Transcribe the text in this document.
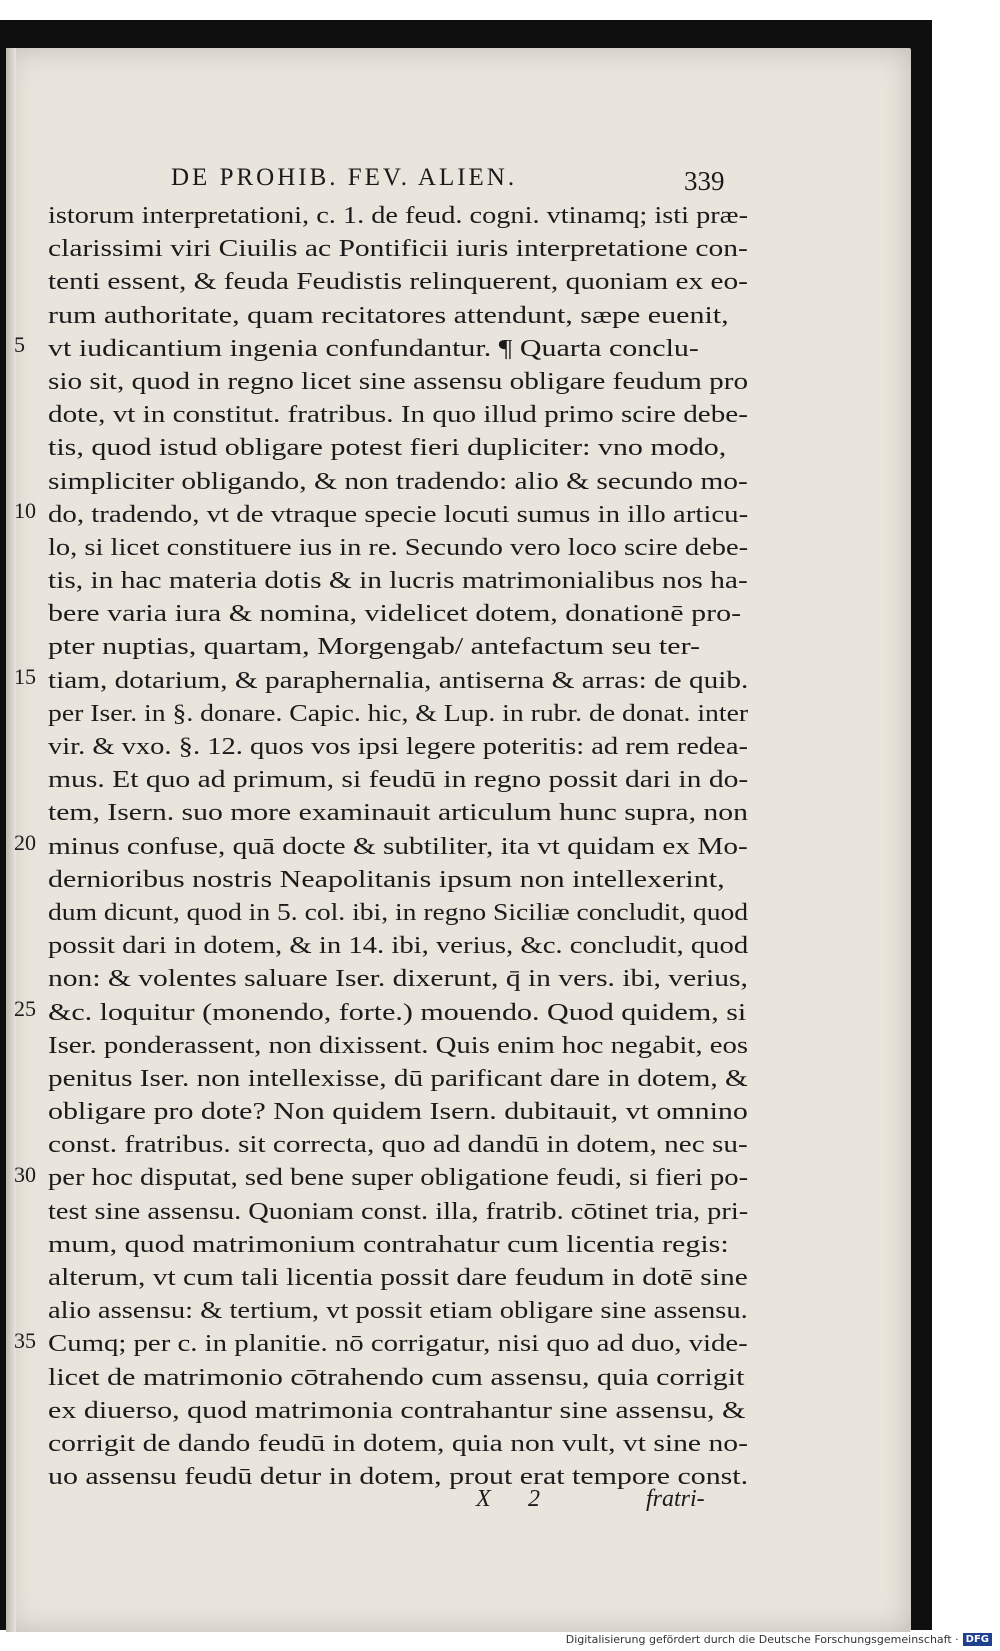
DE PROHIB. FEV. ALIEN.	339
5
10
15
20
25
30
35
istorum interpretationi, c. 1. de feud. cogni. vtinamq; isti præ-
clarissimi viri Ciuilis ac Pontificii iuris interpretatione con-
tenti essent, & feuda Feudistis relinquerent, quoniam ex eo-
rum authoritate, quam recitatores attendunt, sæpe euenit,
vt iudicantium ingenia confundantur. ¶ Quarta conclu-
sio sit, quod in regno licet sine assensu obligare feudum pro
dote, vt in constitut. fratribus. In quo illud primo scire debe-
tis, quod istud obligare potest fieri dupliciter: vno modo,
simpliciter obligando, & non tradendo: alio & secundo mo-
do, tradendo, vt de vtraque specie locuti sumus in illo articu-
lo, si licet constituere ius in re. Secundo vero loco scire debe-
tis, in hac materia dotis & in lucris matrimonialibus nos ha-
bere varia iura & nomina, videlicet dotem, donationē pro-
pter nuptias, quartam, Morgengab/ antefactum seu ter-
tiam, dotarium, & paraphernalia, antiserna & arras: de quib.
per Iser. in §. donare. Capic. hic, & Lup. in rubr. de donat. inter
vir. & vxo. §. 12. quos vos ipsi legere poteritis: ad rem redea-
mus. Et quo ad primum, si feudū in regno possit dari in do-
tem, Isern. suo more examinauit articulum hunc supra, non
minus confuse, quā docte & subtiliter, ita vt quidam ex Mo-
dernioribus nostris Neapolitanis ipsum non intellexerint,
dum dicunt, quod in 5. col. ibi, in regno Siciliæ concludit, quod
possit dari in dotem, & in 14. ibi, verius, &c. concludit, quod
non: & volentes saluare Iser. dixerunt, q̄ in vers. ibi, verius,
&c. loquitur (monendo, forte.) mouendo. Quod quidem, si
Iser. ponderassent, non dixissent. Quis enim hoc negabit, eos
penitus Iser. non intellexisse, dū parificant dare in dotem, &
obligare pro dote? Non quidem Isern. dubitauit, vt omnino
const. fratribus. sit correcta, quo ad dandū in dotem, nec su-
per hoc disputat, sed bene super obligatione feudi, si fieri po-
test sine assensu. Quoniam const. illa, fratrib. cōtinet tria, pri-
mum, quod matrimonium contrahatur cum licentia regis:
alterum, vt cum tali licentia possit dare feudum in dotē sine
alio assensu: & tertium, vt possit etiam obligare sine assensu.
Cumq; per c. in planitie. nō corrigatur, nisi quo ad duo, vide-
licet de matrimonio cōtrahendo cum assensu, quia corrigit
ex diuerso, quod matrimonia contrahantur sine assensu, &
corrigit de dando feudū in dotem, quia non vult, vt sine no-
uo assensu feudū detur in dotem, prout erat tempore const.
X 2	fratri-
Digitalisierung gefördert durch die Deutsche Forschungsgemeinschaft · DFG
